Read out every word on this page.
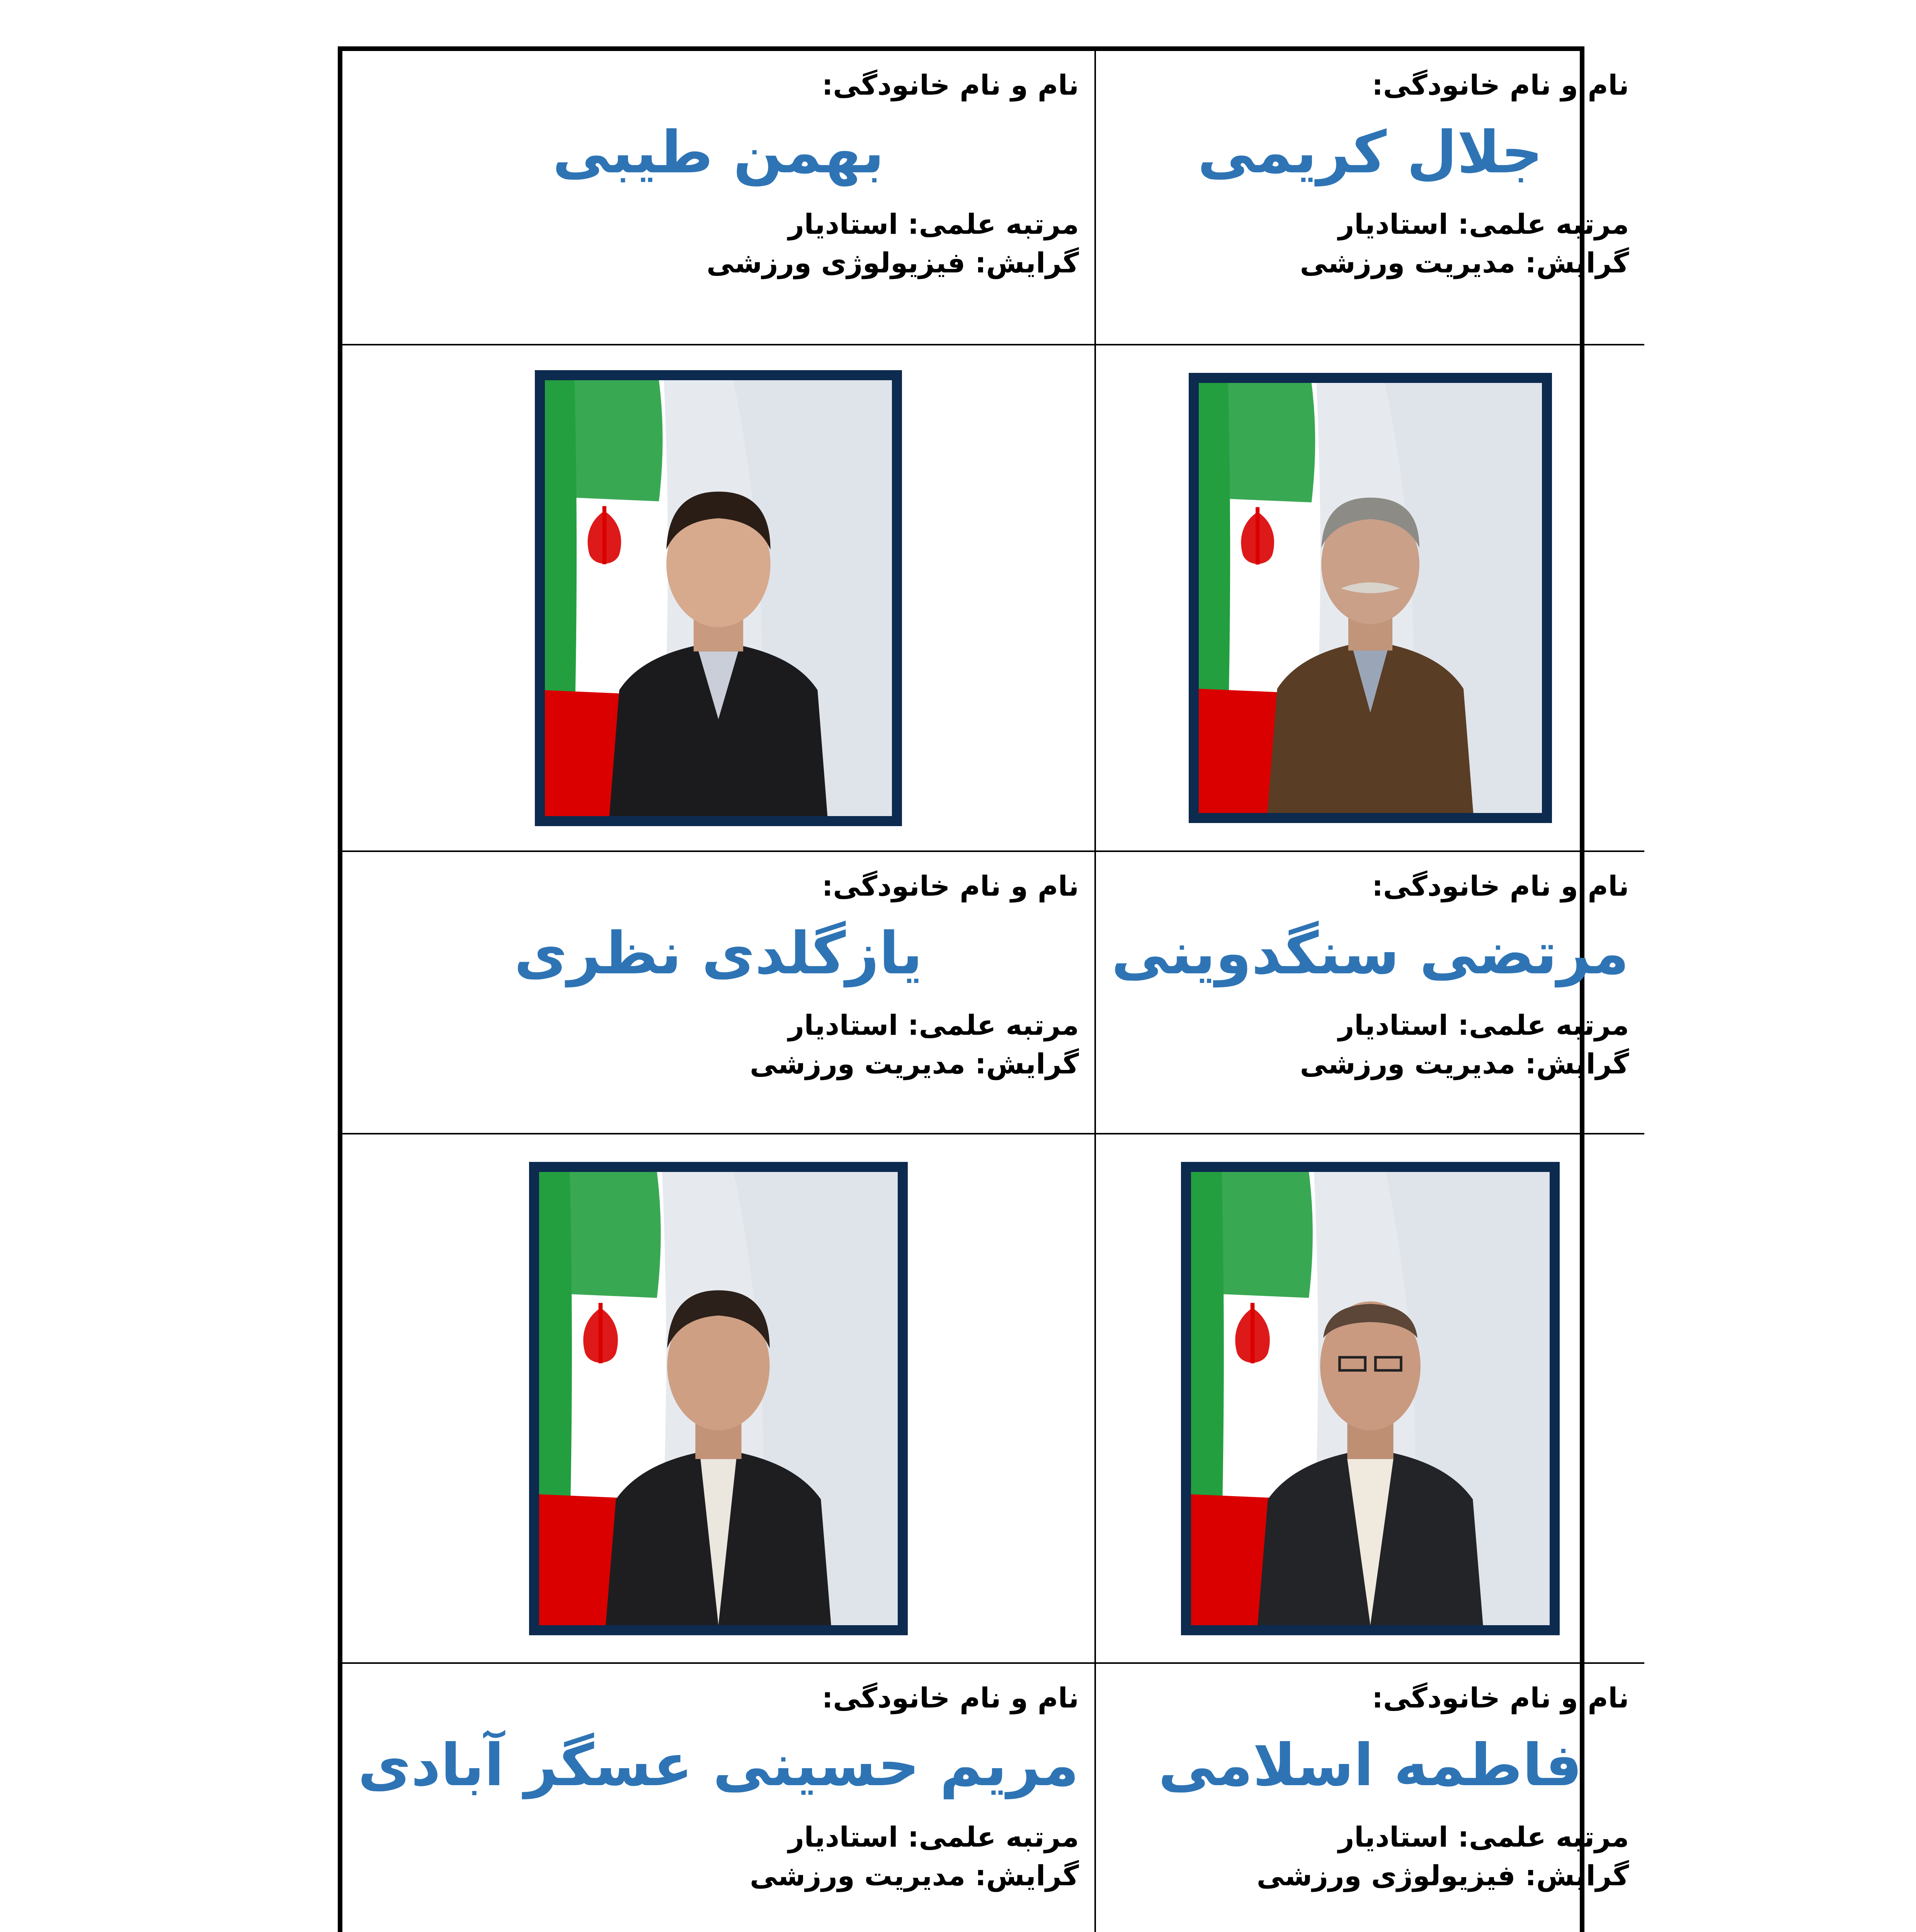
نام و نام خانودگی:
بهمن طیبی
مرتبه علمی: استادیار
گرایش: فیزیولوژی ورزشی
نام و نام خانودگی:
جلال کریمی
مرتبه علمی: استادیار
گرایش: مدیریت ورزشی
نام و نام خانودگی:
یازگلدی نظری
مرتبه علمی: استادیار
گرایش: مدیریت ورزشی
نام و نام خانودگی:
مرتضی سنگدوینی
مرتبه علمی: استادیار
گرایش: مدیریت ورزشی
نام و نام خانودگی:
مریم حسینی عسگر آبادی
مرتبه علمی: استادیار
گرایش: مدیریت ورزشی
نام و نام خانودگی:
فاطمه اسلامی
مرتبه علمی: استادیار
گرایش: فیزیولوژی ورزشی
